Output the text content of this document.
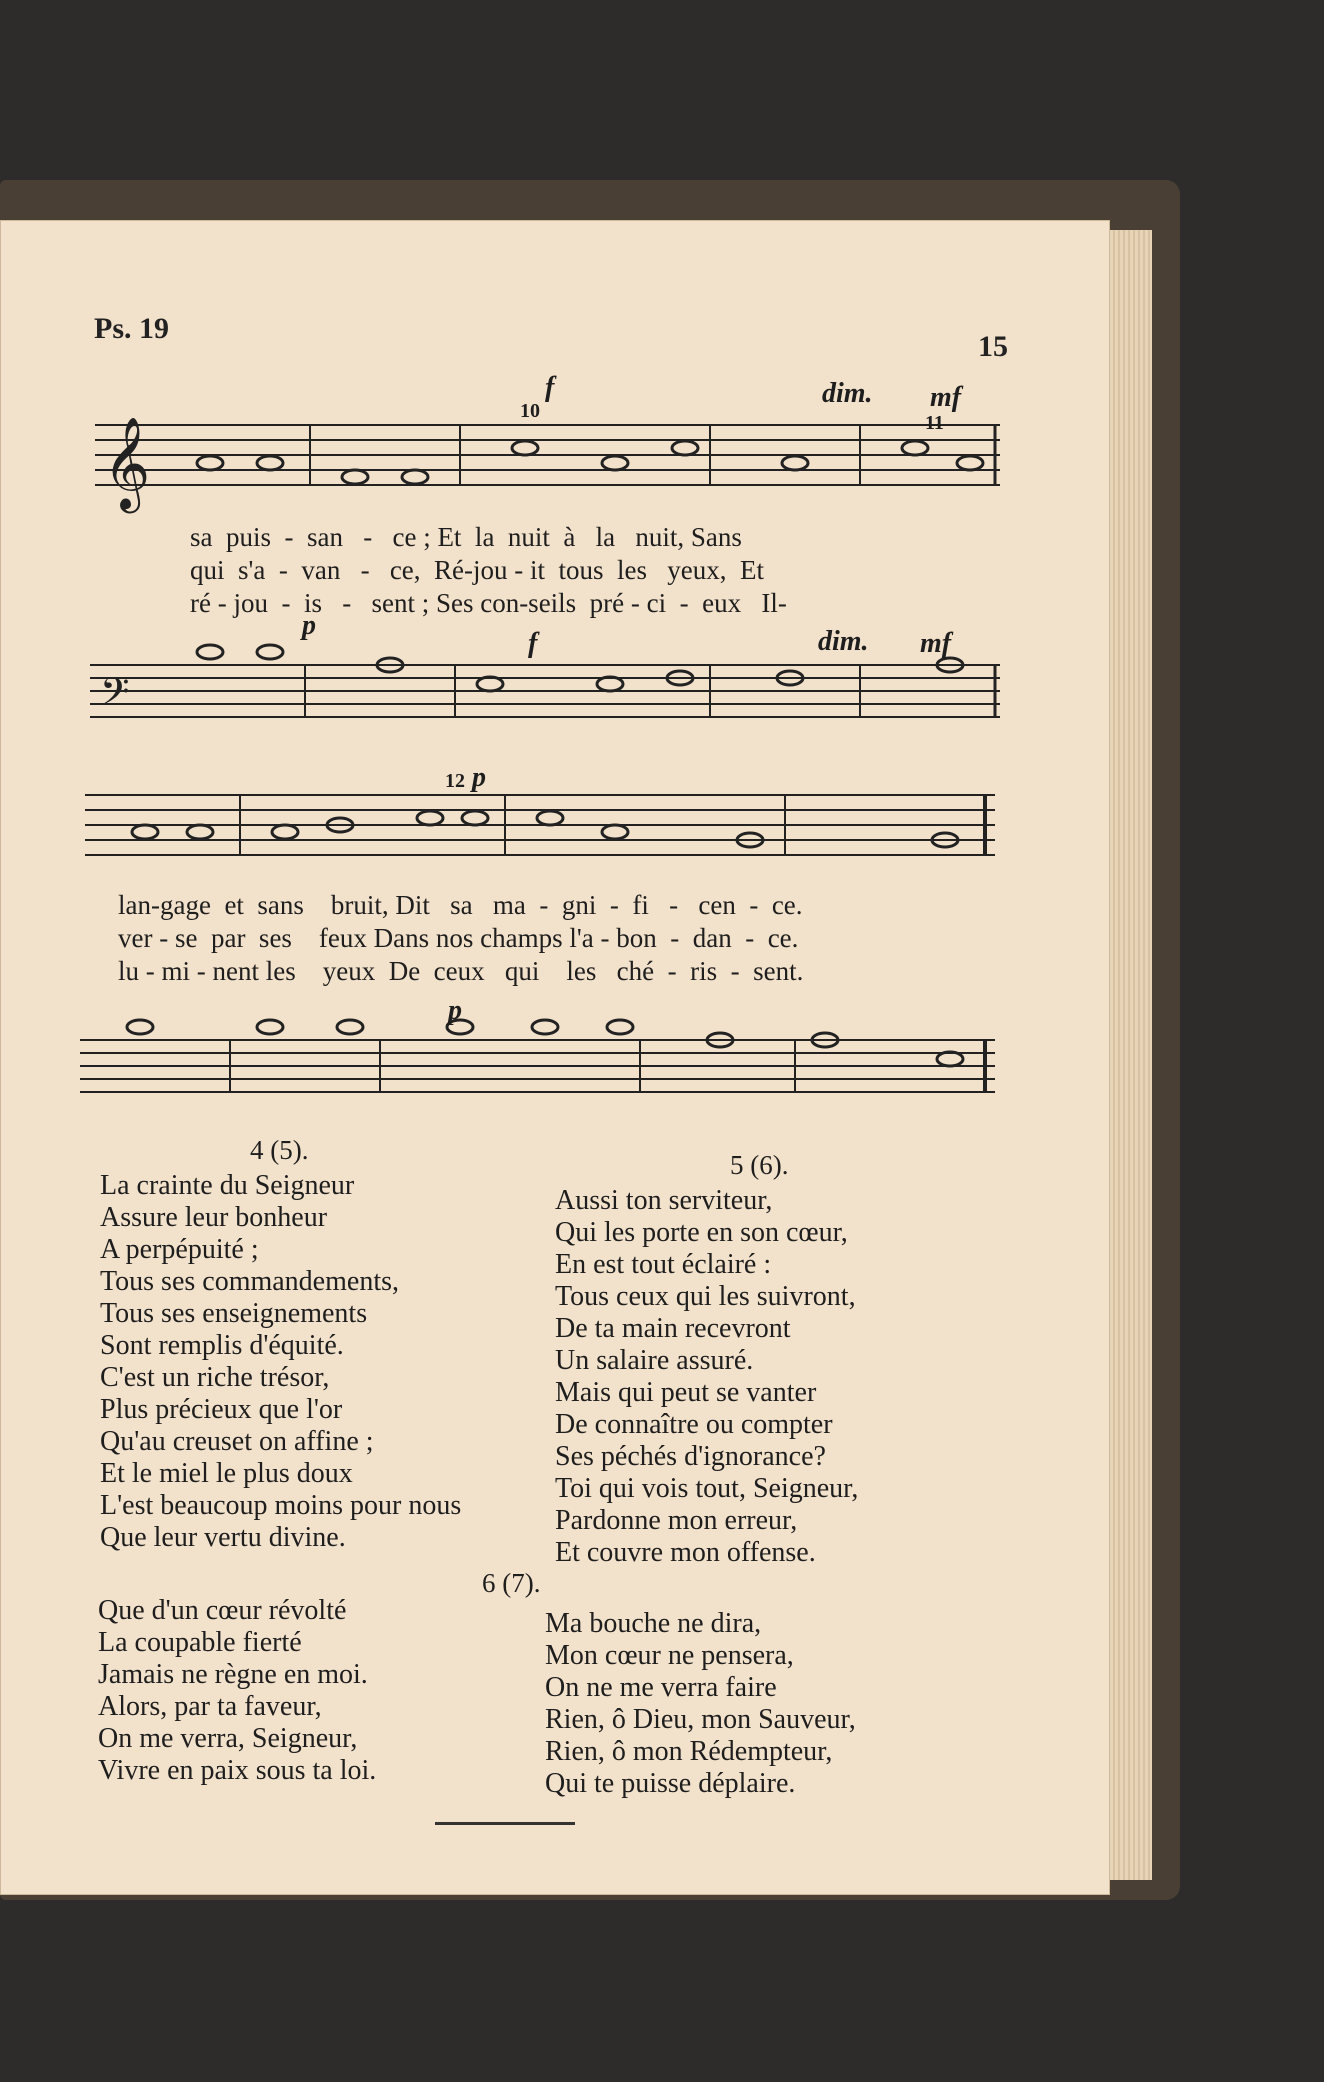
Ps. 19
15
𝄞
f
10
dim. mf
11
sa  puis  -  san   -   ce ; Et  la  nuit  à   la   nuit, Sans
qui  s'a  -  van   -   ce,  Ré-jou - it  tous  les   yeux,  Et
ré - jou  -  is   -   sent ; Ses con-seils  pré - ci  -  eux   Il-
𝄢
p
f	dim. mf
12 p
lan-gage  et  sans    bruit, Dit   sa   ma  -  gni  -  fi   -   cen  -  ce.
ver - se  par  ses    feux Dans nos champs l'a - bon  -  dan  -  ce.
lu - mi - nent les    yeux  De  ceux   qui    les   ché  -  ris  -  sent.
p
4 (5).
La crainte du Seigneur
Assure leur bonheur
A perpépuité ;
Tous ses commandements,
Tous ses enseignements
Sont remplis d'équité.
C'est un riche trésor,
Plus précieux que l'or
Qu'au creuset on affine ;
Et le miel le plus doux
L'est beaucoup moins pour nous
Que leur vertu divine.
Que d'un cœur révolté
La coupable fierté
Jamais ne règne en moi.
Alors, par ta faveur,
On me verra, Seigneur,
Vivre en paix sous ta loi.
5 (6).
Aussi ton serviteur,
Qui les porte en son cœur,
En est tout éclairé :
Tous ceux qui les suivront,
De ta main recevront
Un salaire assuré.
Mais qui peut se vanter
De connaître ou compter
Ses péchés d'ignorance?
Toi qui vois tout, Seigneur,
Pardonne mon erreur,
Et couvre mon offense.
6 (7).
Ma bouche ne dira,
Mon cœur ne pensera,
On ne me verra faire
Rien, ô Dieu, mon Sauveur,
Rien, ô mon Rédempteur,
Qui te puisse déplaire.
